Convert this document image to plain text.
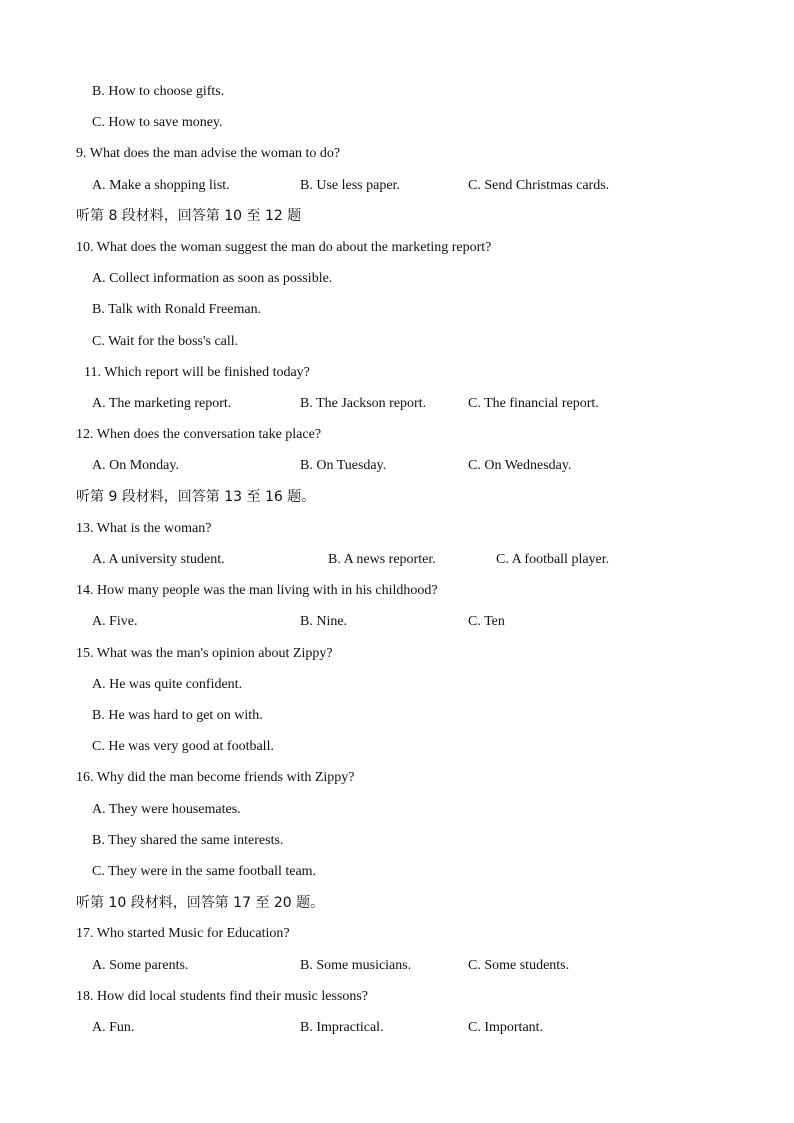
B. How to choose gifts.
C. How to save money.
9. What does the man advise the woman to do?
A. Make a shopping list.	B. Use less paper.	C. Send Christmas cards.
听第 8 段材料，回答第 10 至 12 题
10. What does the woman suggest the man do about the marketing report?
A. Collect information as soon as possible.
B. Talk with Ronald Freeman.
C. Wait for the boss's call.
11. Which report will be finished today?
A. The marketing report.	B. The Jackson report.	C. The financial report.
12. When does the conversation take place?
A. On Monday.	B. On Tuesday.	C. On Wednesday.
听第 9 段材料，回答第 13 至 16 题。
13. What is the woman?
A. A university student.	B. A news reporter.	C. A football player.
14. How many people was the man living with in his childhood?
A. Five.	B. Nine.	C. Ten
15. What was the man's opinion about Zippy?
A. He was quite confident.
B. He was hard to get on with.
C. He was very good at football.
16. Why did the man become friends with Zippy?
A. They were housemates.
B. They shared the same interests.
C. They were in the same football team.
听第 10 段材料，回答第 17 至 20 题。
17. Who started Music for Education?
A. Some parents.	B. Some musicians.	C. Some students.
18. How did local students find their music lessons?
A. Fun.	B. Impractical.	C. Important.
